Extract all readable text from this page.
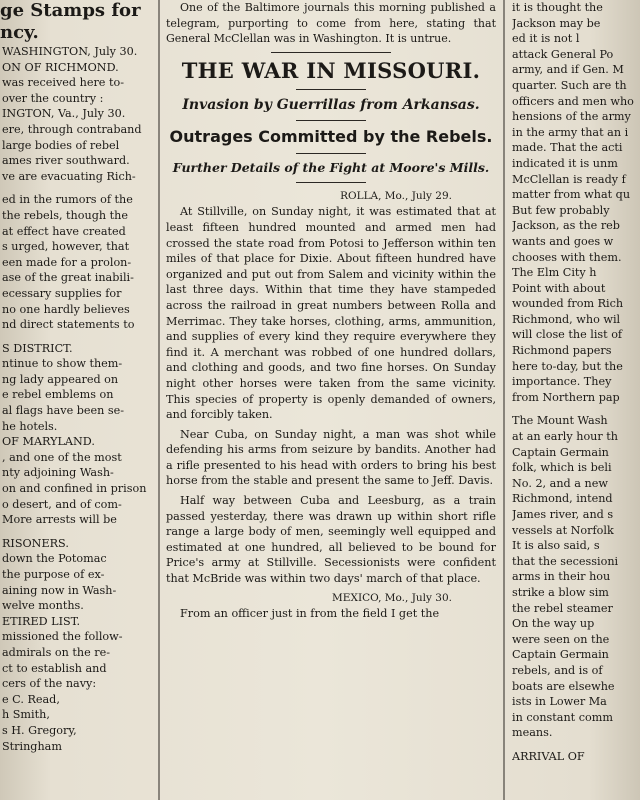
ge Stamps for
ncy.
WASHINGTON, July 30.
ON OF RICHMOND.
was received here to-
over the country :
INGTON, Va., July 30.
ere, through contraband
large bodies of rebel
ames river southward.
ve are evacuating Rich-
ed in the rumors of the
the rebels, though the
at effect have created
s urged, however, that
een made for a prolon-
ase of the great inabili-
ecessary supplies for
no one hardly believes
nd direct statements to
S DISTRICT.
ntinue to show them-
ng lady appeared on
e rebel emblems on
al flags have been se-
he hotels.
OF MARYLAND.
, and one of the most
nty adjoining Wash-
on and confined in prison
o desert, and of com-
More arrests will be
RISONERS.
down the Potomac
the purpose of ex-
aining now in Wash-
welve months.
ETIRED LIST.
missioned the follow-
admirals on the re-
ct to establish and
cers of the navy:
e C. Read,
h Smith,
s H. Gregory,
Stringham

One of the Baltimore journals this morning published a telegram, purporting to come from here, stating that General McClellan was in Washington. It is untrue.

THE WAR IN MISSOURI.
Invasion by Guerrillas from Arkansas.
Outrages Committed by the Rebels.
Further Details of the Fight at Moore's Mills.
ROLLA, Mo., July 29.

At Stillville, on Sunday night, it was estimated that at least fifteen hundred mounted and armed men had crossed the state road from Potosi to Jefferson within ten miles of that place for Dixie. About fifteen hundred have organized and put out from Salem and vicinity within the last three days. Within that time they have stampeded across the railroad in great numbers between Rolla and Merrimac. They take horses, clothing, arms, ammunition, and supplies of every kind they require everywhere they find it. A merchant was robbed of one hundred dollars, and clothing and goods, and two fine horses. On Sunday night other horses were taken from the same vicinity. This species of property is openly demanded of owners, and forcibly taken.

Near Cuba, on Sunday night, a man was shot while defending his arms from seizure by bandits. Another had a rifle presented to his head with orders to bring his best horse from the stable and present the same to Jeff. Davis.

Half way between Cuba and Leesburg, as a train passed yesterday, there was drawn up within short rifle range a large body of men, seemingly well equipped and estimated at one hundred, all believed to be bound for Price's army at Stillville. Secessionists were confident that McBride was within two days' march of that place.

MEXICO, Mo., July 30.

From an officer just in from the field I get the

it is thought the
Jackson may be
ed it is not l
attack General Po
army, and if Gen. M
quarter. Such are th
officers and men who
hensions of the army
in the army that an i
made. That the acti
indicated it is unm
McClellan is ready f
matter from what qu
But few probably
Jackson, as the reb
wants and goes w
chooses with them.
The Elm City h
Point with about
wounded from Rich
Richmond, who wil
will close the list of
Richmond papers
here to-day, but the
importance. They
from Northern pap
The Mount Wash
at an early hour th
Captain Germain
folk, which is beli
No. 2, and a new
Richmond, intend
James river, and s
vessels at Norfolk
It is also said, s
that the secessioni
arms in their hou
strike a blow sim
the rebel steamer
On the way up
were seen on the
Captain Germain
rebels, and is of
boats are elsewhe
ists in Lower Ma
in constant comm
means.
ARRIVAL OF
